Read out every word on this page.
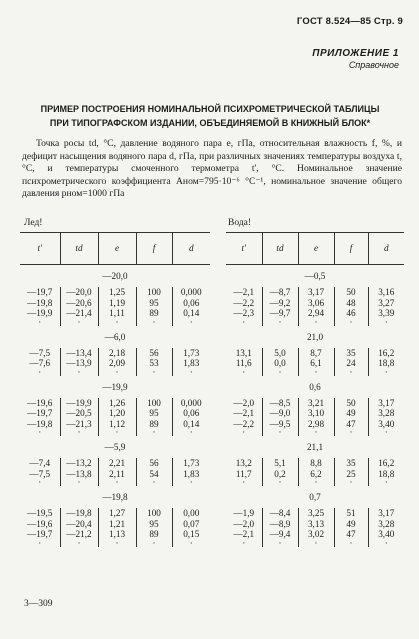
ГОСТ 8.524—85 Стр. 9
ПРИЛОЖЕНИЕ 1
Справочное
ПРИМЕР ПОСТРОЕНИЯ НОМИНАЛЬНОЙ ПСИХРОМЕТРИЧЕСКОЙ ТАБЛИЦЫ
ПРИ ТИПОГРАФСКОМ ИЗДАНИИ, ОБЪЕДИНЯЕМОЙ В КНИЖНЫЙ БЛОК*

Точка росы td, °С, давление водяного пара e, гПа, относительная влажность f, %, и дефицит насыщения водяного пара d, гПа, при различных значениях температуры воздуха t, °С, и температуры смоченного термометра t', °С. Номинальное значение психрометрического коэффициента Aном=795·10⁻⁶ °С⁻¹, номинальное значение общего давления pном=1000 гПа

Лед!	Вода!
t'	td	e	f	d
—20,0				
—19,7	—20,0	1,25	100	0,000
—19,8	—20,6	1,19	95	0,06
—19,9	—21,4	1,11	89	0,14
·	·	·	·	·
—6,0				
—7,5	—13,4	2,18	56	1,73
—7,6	—13,9	2,09	53	1,83
·	·	·	·	·
—19,9				
—19,6	—19,9	1,26	100	0,000
—19,7	—20,5	1,20	95	0,06
—19,8	—21,3	1,12	89	0,14
·	·	·	·	·
—5,9				
—7,4	—13,2	2,21	56	1,73
—7,5	—13,8	2,11	54	1,83
·	·	·	·	·
—19,8				
—19,5	—19,8	1,27	100	0,00
—19,6	—20,4	1,21	95	0,07
—19,7	—21,2	1,13	89	0,15
·	·	·	·	·
t'	td	e	f	d
—0,5				
—2,1	—8,7	3,17	50	3,16
—2,2	—9,2	3,06	48	3,27
—2,3	—9,7	2,94	46	3,39
·	·	·	·	·
21,0				
13,1	5,0	8,7	35	16,2
11,6	0,0	6,1	24	18,8
·	·	·	·	·
0,6				
—2,0	—8,5	3,21	50	3,17
—2,1	—9,0	3,10	49	3,28
—2,2	—9,5	2,98	47	3,40
·	·	·	·	·
21,1				
13,2	5,1	8,8	35	16,2
11,7	0,2	6,2	25	18,8
·	·	·	·	·
0,7				
—1,9	—8,4	3,25	51	3,17
—2,0	—8,9	3,13	49	3,28
—2,1	—9,4	3,02	47	3,40
·	·	·	·	·
3—309
